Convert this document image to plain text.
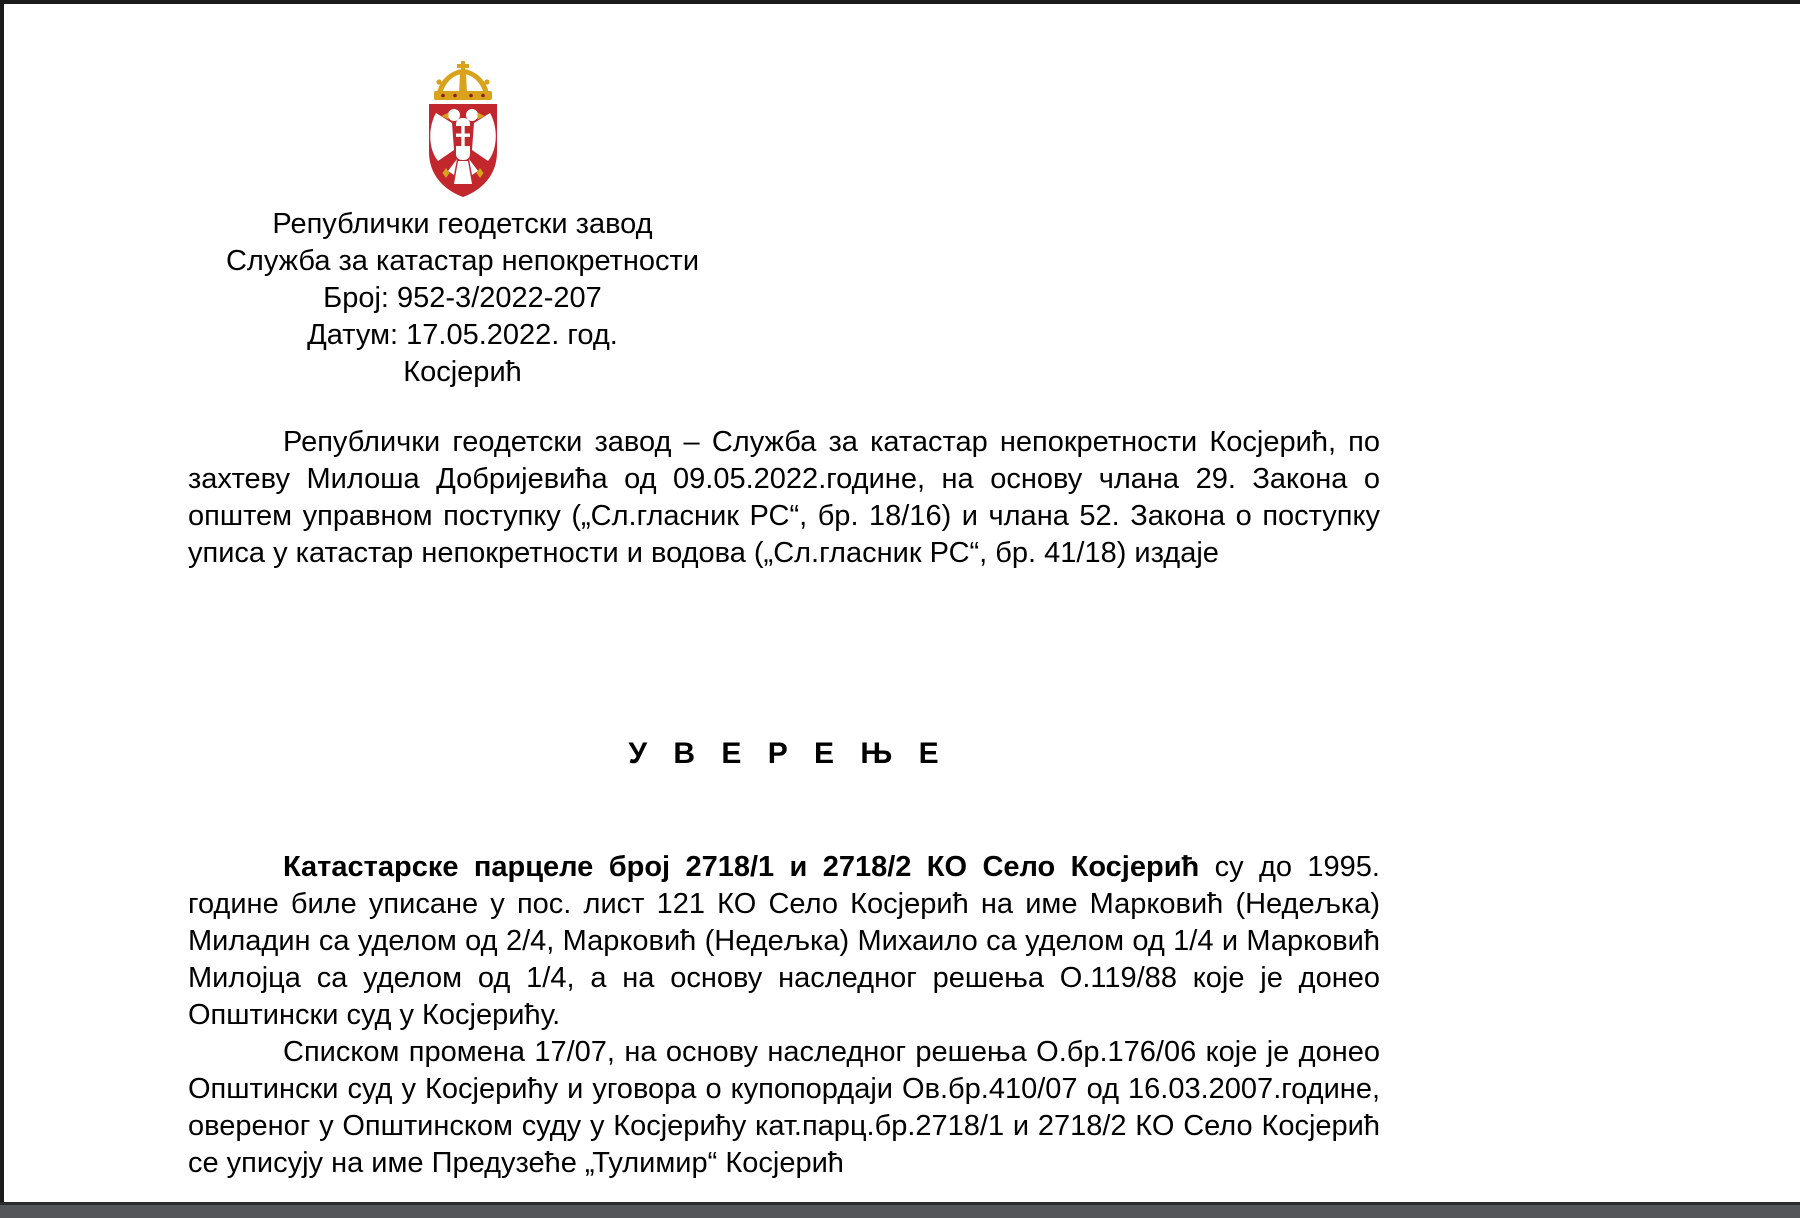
Републички геодетски завод
Служба за катастар непокретности
Број: 952-3/2022-207
Датум: 17.05.2022. год.
Косјерић

Републички геодетски завод – Служба за катастар непокретности Косјерић, по захтеву Милоша Добријевића од 09.05.2022.године, на основу члана 29. Закона о општем управном поступку („Сл.гласник РС“, бр. 18/16) и члана 52. Закона о поступку уписа у катастар непокретности и водова („Сл.гласник РС“, бр. 41/18) издаје

У В Е Р Е Њ Е

Катастарске парцеле број 2718/1 и 2718/2 КО Село Косјерић су до 1995. године биле уписане у пос. лист 121 КО Село Косјерић на име Марковић (Недељка) Миладин са уделом од 2/4, Марковић (Недељка) Михаило са уделом од 1/4 и Марковић Милојца са уделом од 1/4, а на основу наследног решења О.119/88 које је донео Општински суд у Косјерићу.

Списком промена 17/07, на основу наследног решења О.бр.176/06 које је донео Општински суд у Косјерићу и уговора о купопордаји Ов.бр.410/07 од 16.03.2007.године, овереног у Општинском суду у Косјерићу кат.парц.бр.2718/1 и 2718/2 КО Село Косјерић се уписују на име Предузеће „Тулимир“ Косјерић
